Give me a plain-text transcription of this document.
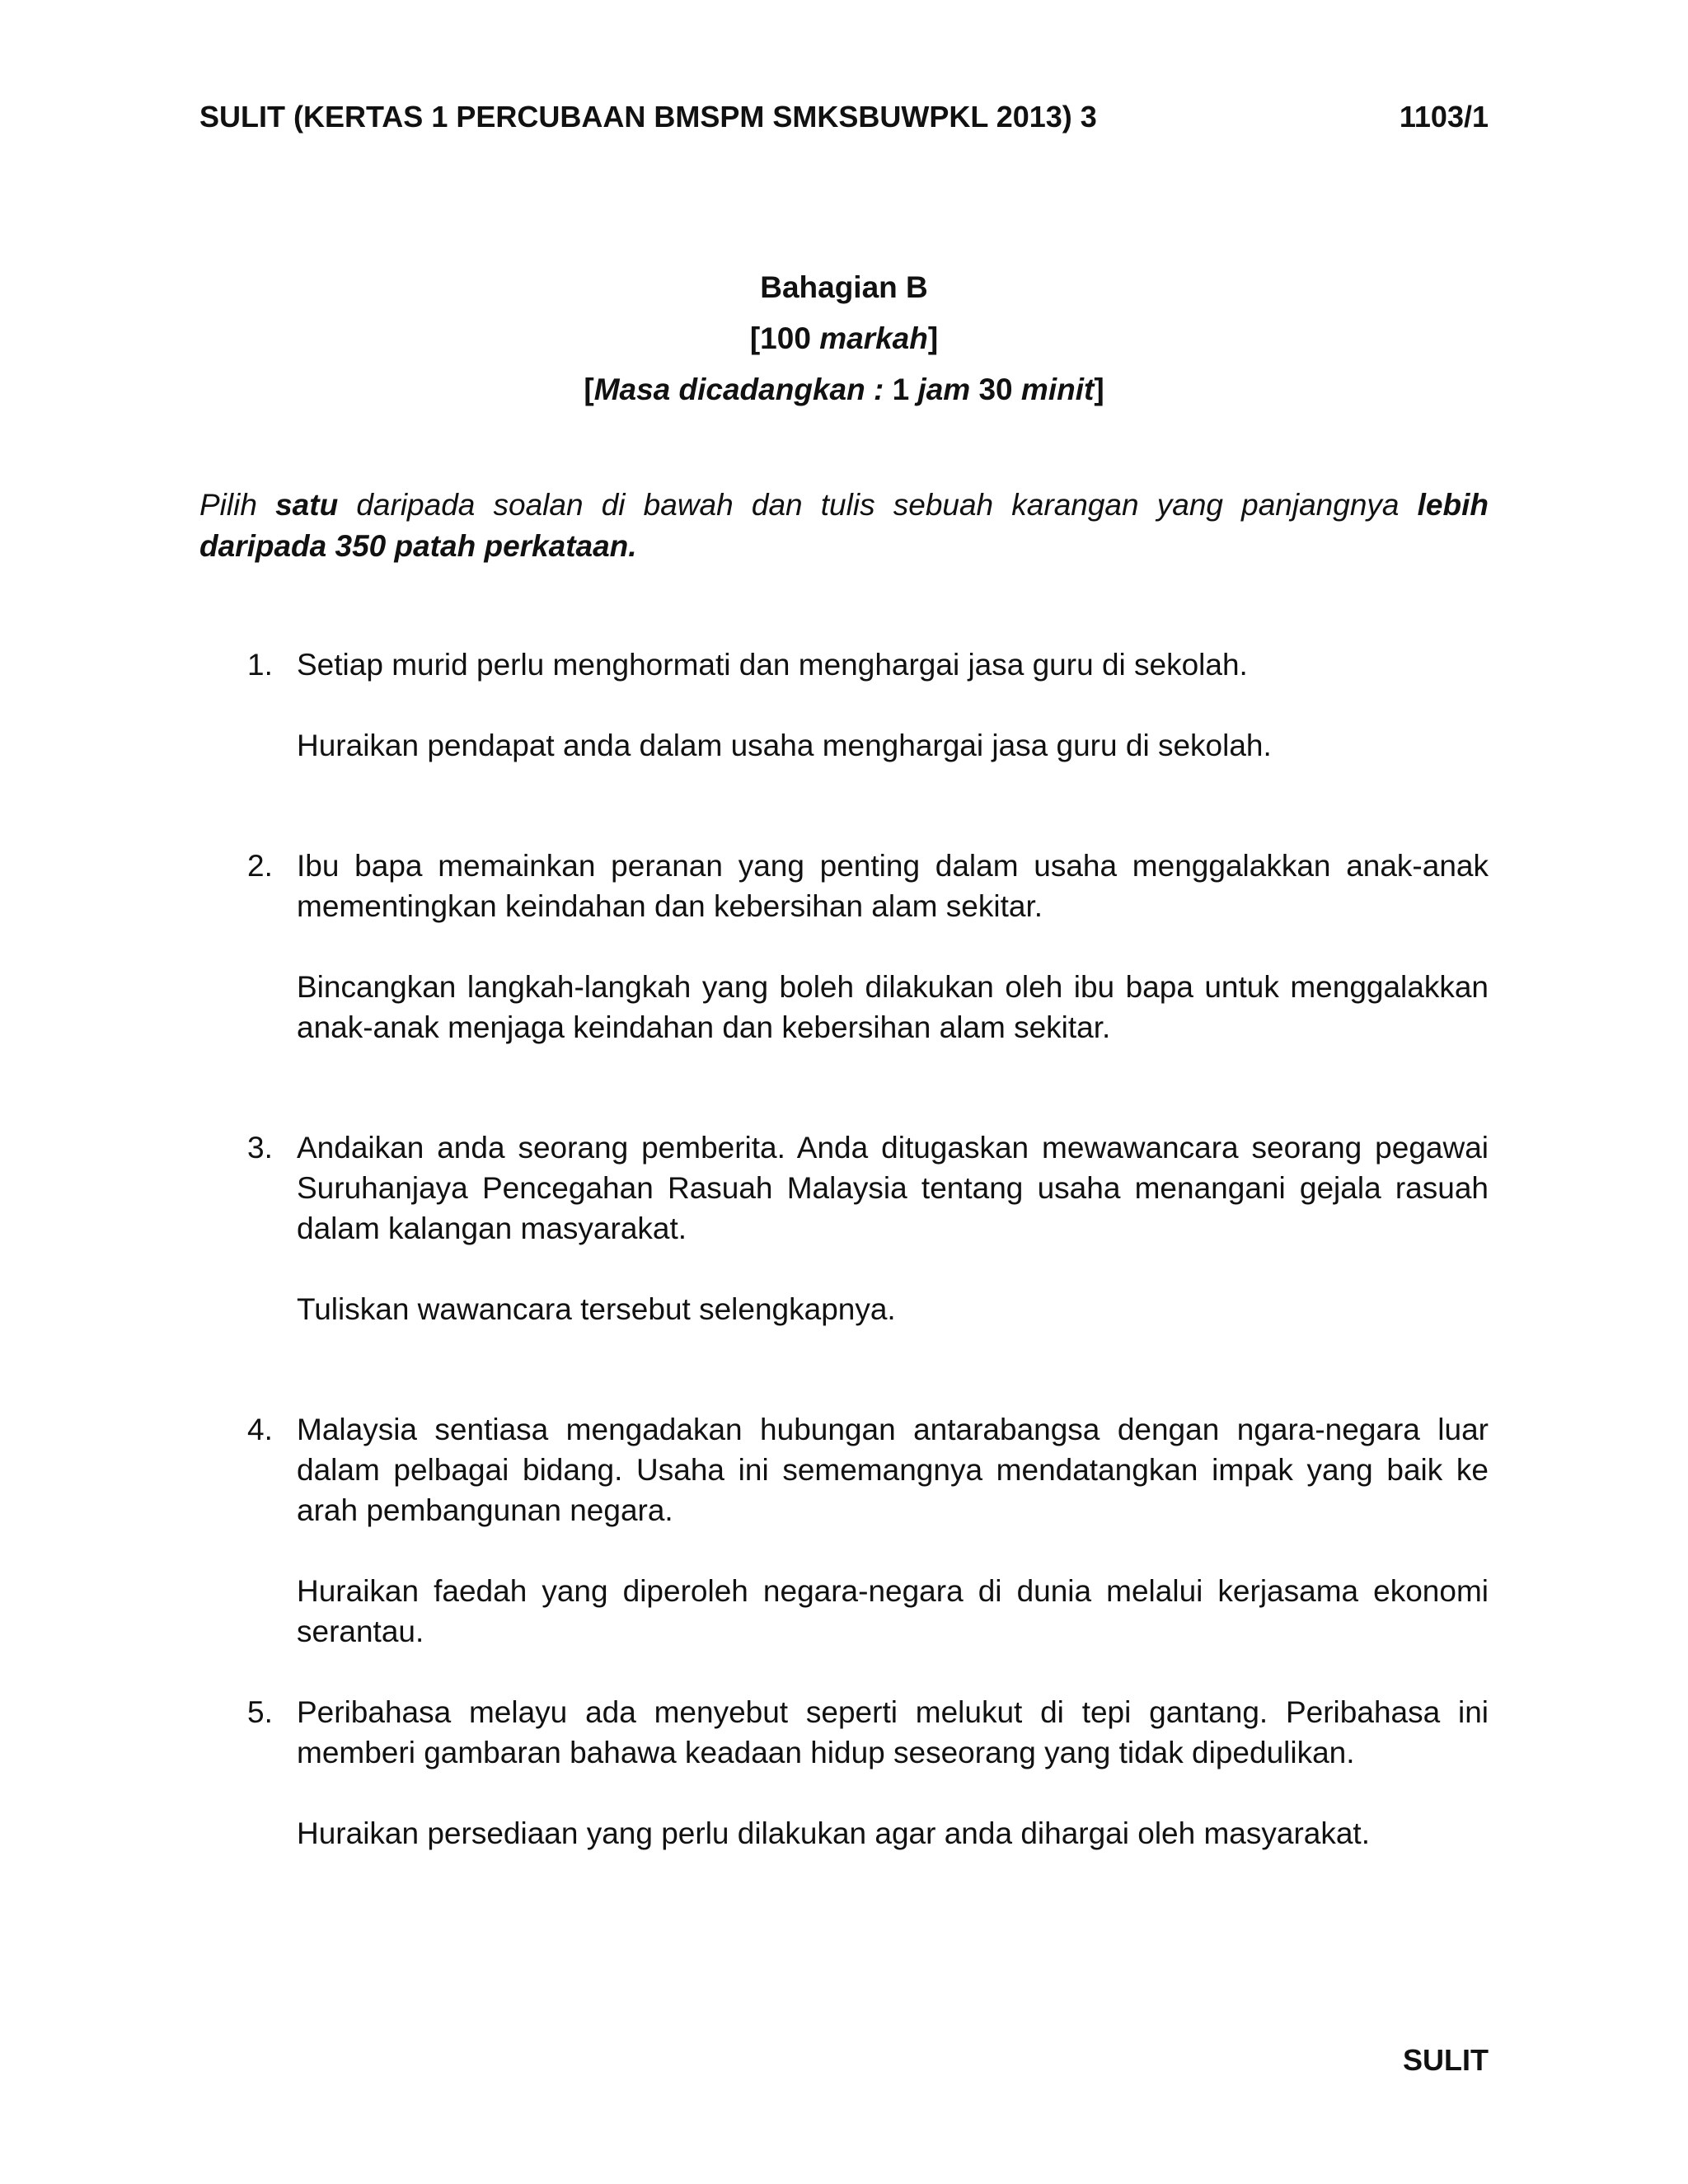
SULIT (KERTAS 1 PERCUBAAN BMSPM SMKSBUWPKL 2013) 3	1103/1
Bahagian B
[100 markah]
[Masa dicadangkan : 1 jam 30 minit]
Pilih satu daripada soalan di bawah dan tulis sebuah karangan yang panjangnya lebih daripada 350 patah perkataan.
1. Setiap murid perlu menghormati dan menghargai jasa guru di sekolah.

Huraikan pendapat anda dalam usaha menghargai jasa guru di sekolah.

2. Ibu bapa memainkan peranan yang penting dalam usaha menggalakkan anak-anak mementingkan keindahan dan kebersihan alam sekitar.

Bincangkan langkah-langkah yang boleh dilakukan oleh ibu bapa untuk menggalakkan anak-anak menjaga keindahan dan kebersihan alam sekitar.

3. Andaikan anda seorang pemberita. Anda ditugaskan mewawancara seorang pegawai Suruhanjaya Pencegahan Rasuah Malaysia tentang usaha menangani gejala rasuah dalam kalangan masyarakat.

Tuliskan wawancara tersebut selengkapnya.

4. Malaysia sentiasa mengadakan hubungan antarabangsa dengan ngara-negara luar dalam pelbagai bidang. Usaha ini sememangnya mendatangkan impak yang baik ke arah pembangunan negara.

Huraikan faedah yang diperoleh negara-negara di dunia melalui kerjasama ekonomi serantau.

5. Peribahasa melayu ada menyebut seperti melukut di tepi gantang. Peribahasa ini memberi gambaran bahawa keadaan hidup seseorang yang tidak dipedulikan.

Huraikan persediaan yang perlu dilakukan agar anda dihargai oleh masyarakat.

SULIT
